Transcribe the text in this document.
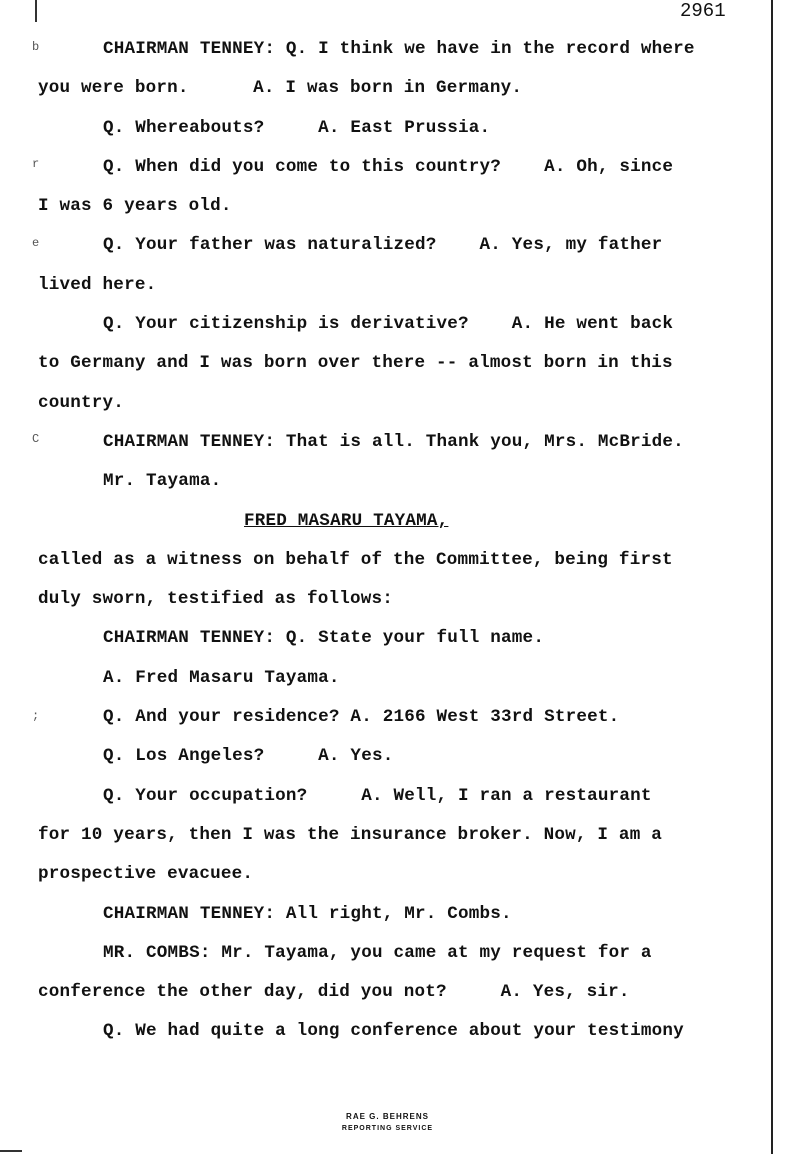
2961
b
r
e
C
;
CHAIRMAN TENNEY: Q. I think we have in the record where
you were born.      A. I was born in Germany.
Q. Whereabouts?     A. East Prussia.
Q. When did you come to this country?    A. Oh, since
I was 6 years old.
Q. Your father was naturalized?    A. Yes, my father
lived here.
Q. Your citizenship is derivative?    A. He went back
to Germany and I was born over there -- almost born in this
country.
CHAIRMAN TENNEY: That is all. Thank you, Mrs. McBride.
Mr. Tayama.
FRED MASARU TAYAMA,
called as a witness on behalf of the Committee, being first
duly sworn, testified as follows:
CHAIRMAN TENNEY: Q. State your full name.
A. Fred Masaru Tayama.
Q. And your residence? A. 2166 West 33rd Street.
Q. Los Angeles?     A. Yes.
Q. Your occupation?     A. Well, I ran a restaurant
for 10 years, then I was the insurance broker. Now, I am a
prospective evacuee.
CHAIRMAN TENNEY: All right, Mr. Combs.
MR. COMBS: Mr. Tayama, you came at my request for a
conference the other day, did you not?     A. Yes, sir.
Q. We had quite a long conference about your testimony
RAE G. BEHRENS
REPORTING SERVICE
